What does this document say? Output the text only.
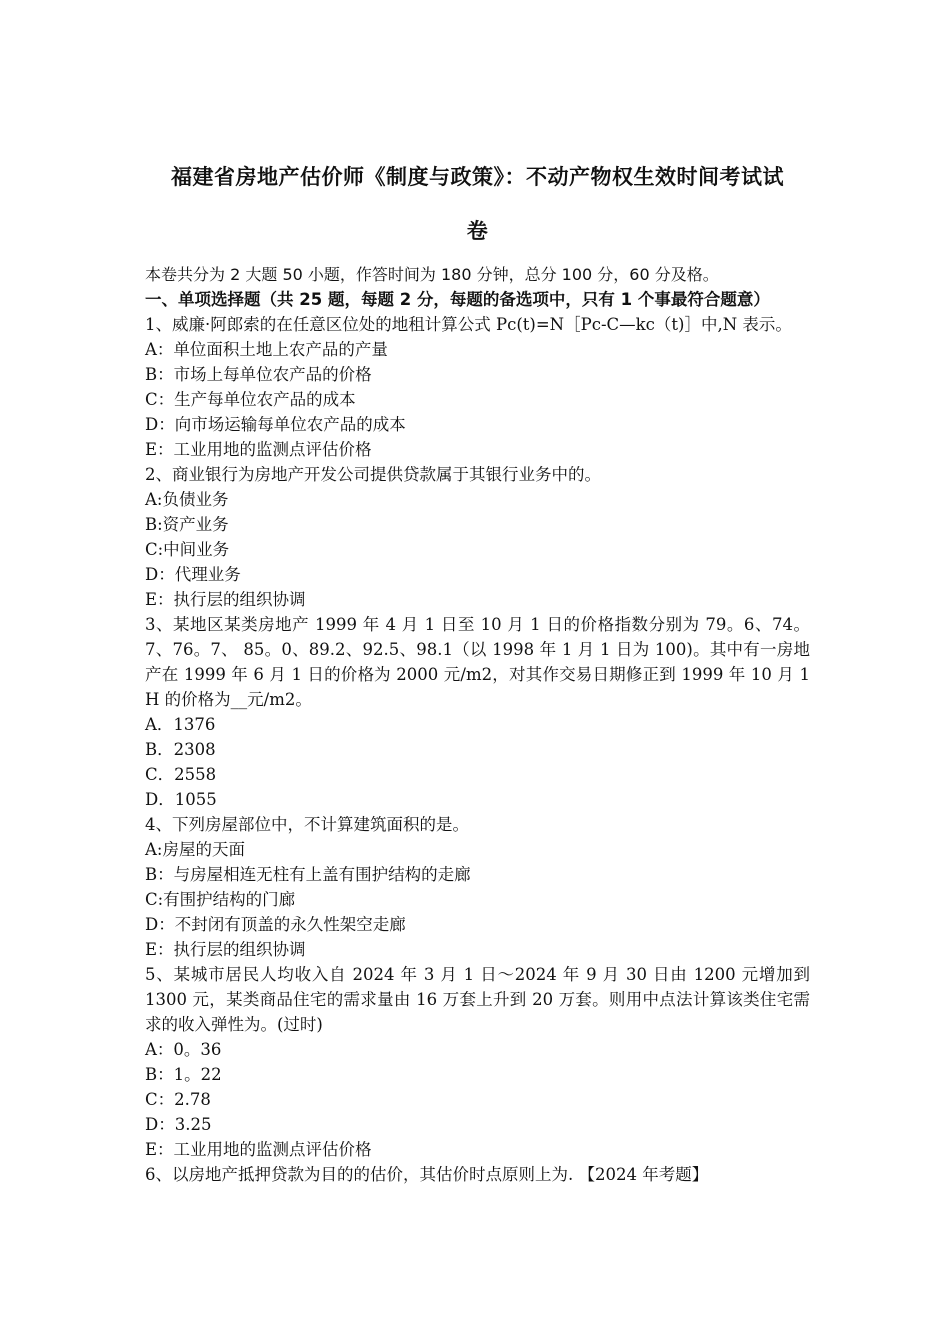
福建省房地产估价师《制度与政策》：不动产物权生效时间考试试
卷

本卷共分为 2 大题 50 小题，作答时间为 180 分钟，总分 100 分，60 分及格。

一、单项选择题（共 25 题，每题 2 分，每题的备选项中，只有 1 个事最符合题意）

1、威廉·阿郎索的在任意区位处的地租计算公式 Pc(t)=N［Pc-C—kc（t)］中,N 表示。

A：单位面积土地上农产品的产量

B：市场上每单位农产品的价格

C：生产每单位农产品的成本

D：向市场运输每单位农产品的成本

E：工业用地的监测点评估价格

2、商业银行为房地产开发公司提供贷款属于其银行业务中的。

A:负债业务

B:资产业务

C:中间业务

D：代理业务

E：执行层的组织协调

3、某地区某类房地产 1999 年 4 月 1 日至 10 月 1 日的价格指数分别为 79。6、74。7、76。7、 85。0、89.2、92.5、98.1（以 1998 年 1 月 1 日为 100)。其中有一房地产在 1999 年 6 月 1 日的价格为 2000 元/m2，对其作交易日期修正到 1999 年 10 月 1 H 的价格为__元/m2。

A．1376

B．2308

C．2558

D．1055

4、下列房屋部位中，不计算建筑面积的是。

A:房屋的天面

B：与房屋相连无柱有上盖有围护结构的走廊

C:有围护结构的门廊

D：不封闭有顶盖的永久性架空走廊

E：执行层的组织协调

5、某城市居民人均收入自 2024 年 3 月 1 日～2024 年 9 月 30 日由 1200 元增加到 1300 元，某类商品住宅的需求量由 16 万套上升到 20 万套。则用中点法计算该类住宅需求的收入弹性为。(过时)

A：0。36

B：1。22

C：2.78

D：3.25

E：工业用地的监测点评估价格

6、以房地产抵押贷款为目的的估价，其估价时点原则上为. 【2024 年考题】
